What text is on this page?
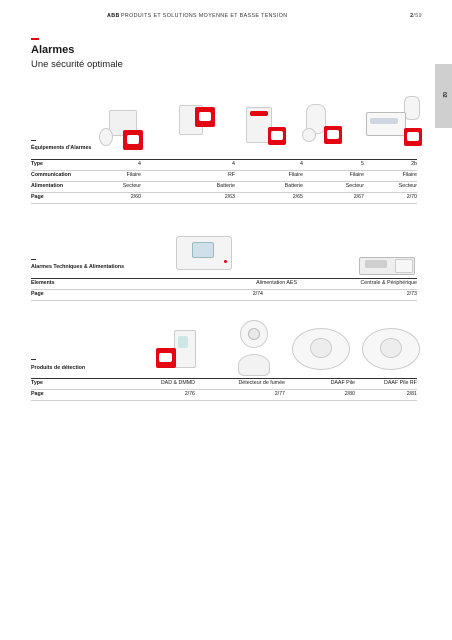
ABB PRODUITS ET SOLUTIONS MOYENNE ET BASSE TENSION	2/59
Alarmes
Une sécurité optimale
02
Équipements d’Alarmes
Type	4	4	4	5	2b
Communication	Filaire	RF	Filaire	Filaire	Filaire
Alimentation	Secteur	Batterie	Batterie	Secteur	Secteur
Page	2/60	2/63	2/65	2/67	2/70
Alarmes Techniques & Alimentations
Elements	Alimentation AES	Centrale & Périphérique
Page	2/74	2/73
Produits de détection
Type	DAD & DMMD	Détecteur de fumée	DAAF Pile	DAAF Pile RF
Page	2/76	2/77	2/80	2/81
